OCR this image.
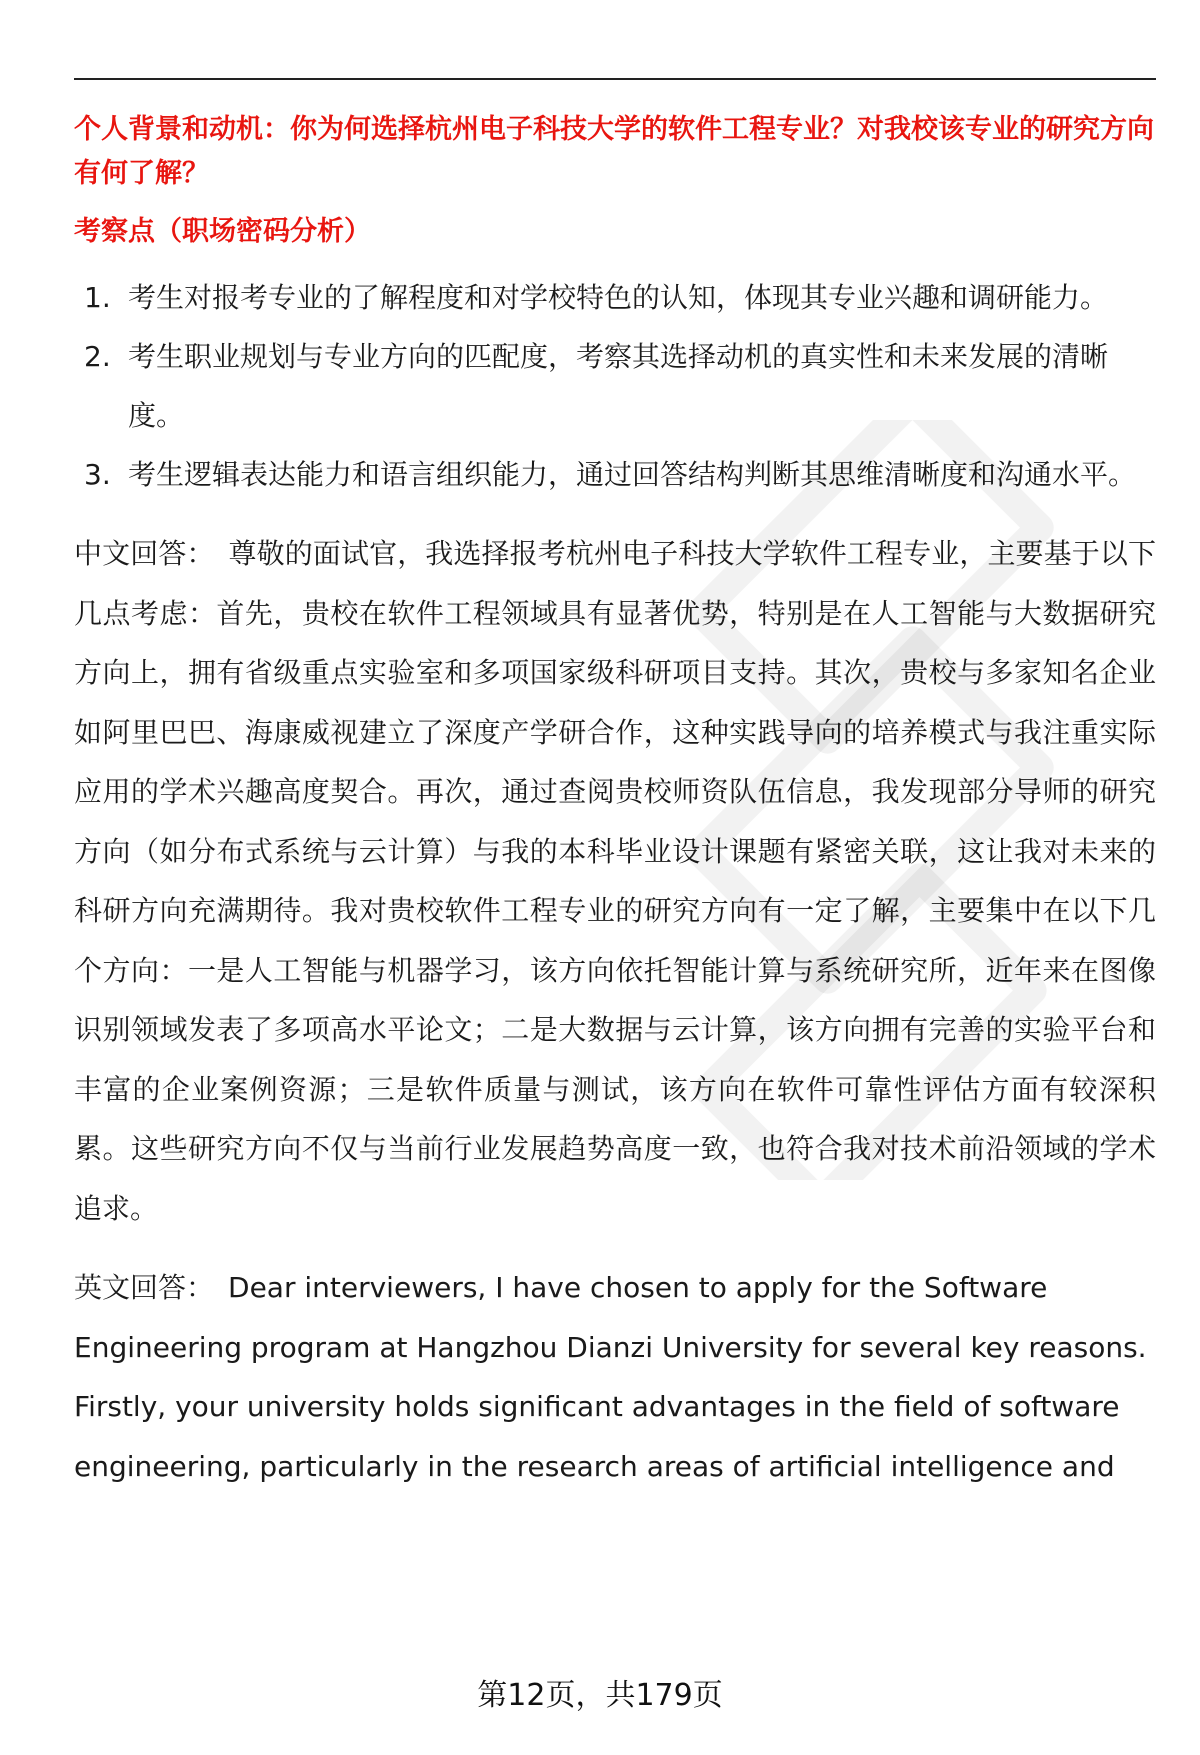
个人背景和动机：你为何选择杭州电子科技大学的软件工程专业？对我校该专业的研究方向有何了解？

考察点（职场密码分析）

1. 考生对报考专业的了解程度和对学校特色的认知，体现其专业兴趣和调研能力。
2. 考生职业规划与专业方向的匹配度，考察其选择动机的真实性和未来发展的清晰度。
3. 考生逻辑表达能力和语言组织能力，通过回答结构判断其思维清晰度和沟通水平。

中文回答： 尊敬的面试官，我选择报考杭州电子科技大学软件工程专业，主要基于以下几点考虑：首先，贵校在软件工程领域具有显著优势，特别是在人工智能与大数据研究方向上，拥有省级重点实验室和多项国家级科研项目支持。其次，贵校与多家知名企业如阿里巴巴、海康威视建立了深度产学研合作，这种实践导向的培养模式与我注重实际应用的学术兴趣高度契合。再次，通过查阅贵校师资队伍信息，我发现部分导师的研究方向（如分布式系统与云计算）与我的本科毕业设计课题有紧密关联，这让我对未来的科研方向充满期待。我对贵校软件工程专业的研究方向有一定了解，主要集中在以下几个方向：一是人工智能与机器学习，该方向依托智能计算与系统研究所，近年来在图像识别领域发表了多项高水平论文；二是大数据与云计算，该方向拥有完善的实验平台和丰富的企业案例资源；三是软件质量与测试，该方向在软件可靠性评估方面有较深积累。这些研究方向不仅与当前行业发展趋势高度一致，也符合我对技术前沿领域的学术追求。

英文回答： Dear interviewers, I have chosen to apply for the Software Engineering program at Hangzhou Dianzi University for several key reasons. Firstly, your university holds significant advantages in the field of software engineering, particularly in the research areas of artificial intelligence and

第12页，共179页
